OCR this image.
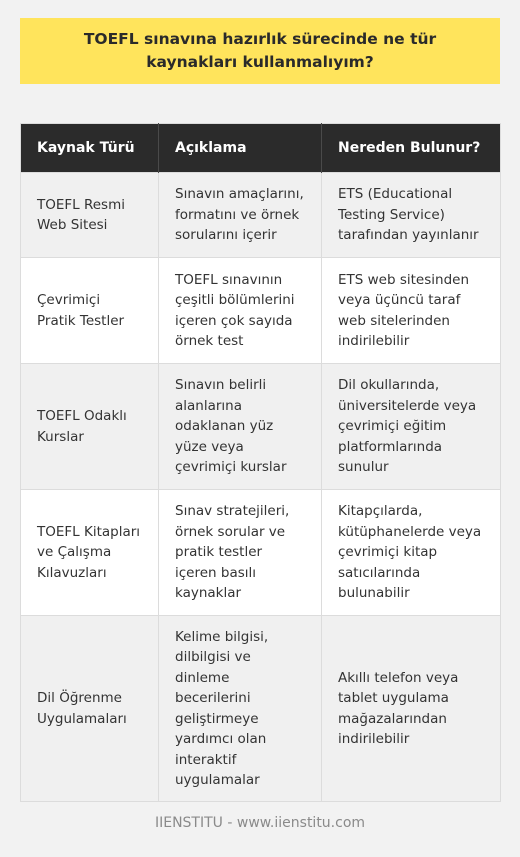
TOEFL sınavına hazırlık sürecinde ne tür kaynakları kullanmalıyım?
Kaynak Türü	Açıklama	Nereden Bulunur?
TOEFL Resmi Web Sitesi	Sınavın amaçlarını, formatını ve örnek sorularını içerir	ETS (Educational Testing Service) tarafından yayınlanır
Çevrimiçi Pratik Testler	TOEFL sınavının çeşitli bölümlerini içeren çok sayıda örnek test	ETS web sitesinden veya üçüncü taraf web sitelerinden indirilebilir
TOEFL Odaklı Kurslar	Sınavın belirli alanlarına odaklanan yüz yüze veya çevrimiçi kurslar	Dil okullarında, üniversitelerde veya çevrimiçi eğitim platformlarında sunulur
TOEFL Kitapları ve Çalışma Kılavuzları	Sınav stratejileri, örnek sorular ve pratik testler içeren basılı kaynaklar	Kitapçılarda, kütüphanelerde veya çevrimiçi kitap satıcılarında bulunabilir
Dil Öğrenme Uygulamaları	Kelime bilgisi, dilbilgisi ve dinleme becerilerini geliştirmeye yardımcı olan interaktif uygulamalar	Akıllı telefon veya tablet uygulama mağazalarından indirilebilir
IIENSTITU - www.iienstitu.com
